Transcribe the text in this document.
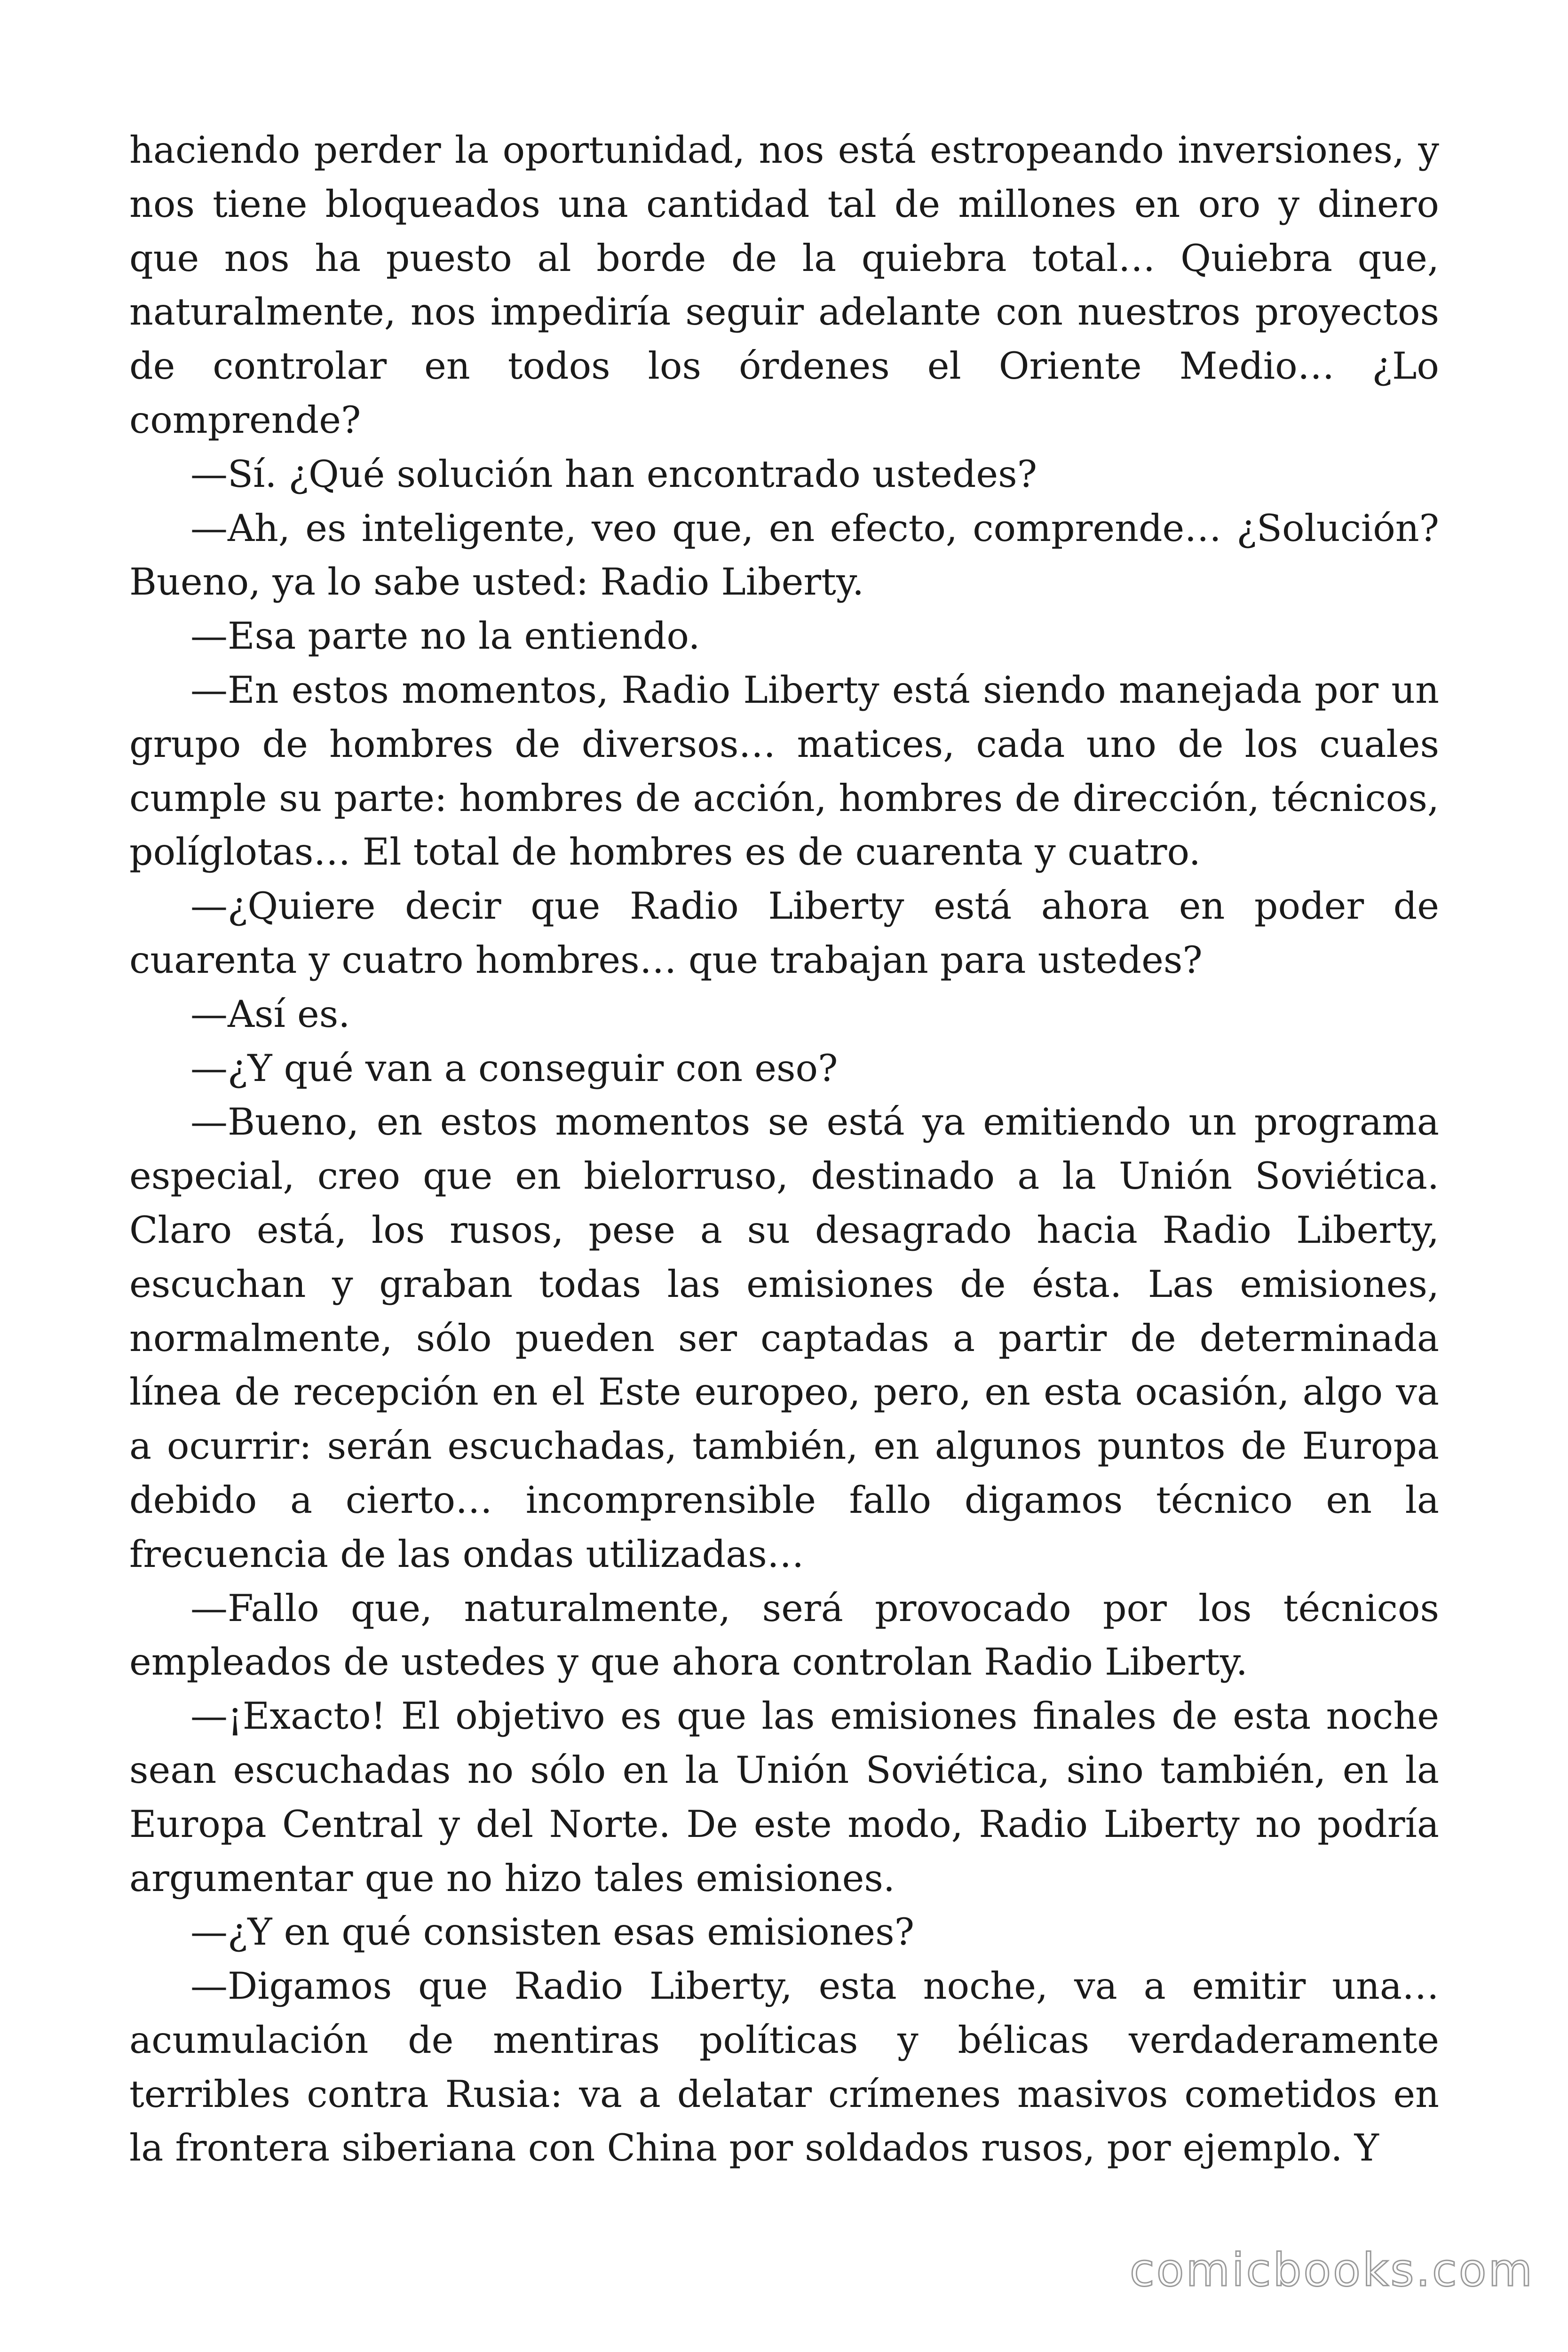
haciendo perder la oportunidad, nos está estropeando inversiones, y nos tiene bloqueados una cantidad tal de millones en oro y dinero que nos ha puesto al borde de la quiebra total… Quiebra que, naturalmente, nos impediría seguir adelante con nuestros proyectos de controlar en todos los órdenes el Oriente Medio… ¿Lo comprende?

—Sí. ¿Qué solución han encontrado ustedes?

—Ah, es inteligente, veo que, en efecto, comprende… ¿Solución? Bueno, ya lo sabe usted: Radio Liberty.

—Esa parte no la entiendo.

—En estos momentos, Radio Liberty está siendo manejada por un grupo de hombres de diversos… matices, cada uno de los cuales cumple su parte: hombres de acción, hombres de dirección, técnicos, políglotas… El total de hombres es de cuarenta y cuatro.

—¿Quiere decir que Radio Liberty está ahora en poder de cuarenta y cuatro hombres… que trabajan para ustedes?

—Así es.

—¿Y qué van a conseguir con eso?

—Bueno, en estos momentos se está ya emitiendo un programa especial, creo que en bielorruso, destinado a la Unión Soviética. Claro está, los rusos, pese a su desagrado hacia Radio Liberty, escuchan y graban todas las emisiones de ésta. Las emisiones, normalmente, sólo pueden ser captadas a partir de determinada línea de recepción en el Este europeo, pero, en esta ocasión, algo va a ocurrir: serán escuchadas, también, en algunos puntos de Europa debido a cierto… incomprensible fallo digamos técnico en la frecuencia de las ondas utilizadas…

—Fallo que, naturalmente, será provocado por los técnicos empleados de ustedes y que ahora controlan Radio Liberty.

—¡Exacto! El objetivo es que las emisiones finales de esta noche sean escuchadas no sólo en la Unión Soviética, sino también, en la Europa Central y del Norte. De este modo, Radio Liberty no podría argumentar que no hizo tales emisiones.

—¿Y en qué consisten esas emisiones?

—Digamos que Radio Liberty, esta noche, va a emitir una… acumulación de mentiras políticas y bélicas verdaderamente terribles contra Rusia: va a delatar crímenes masivos cometidos en la frontera siberiana con China por soldados rusos, por ejemplo. Y

comicbooks.com
